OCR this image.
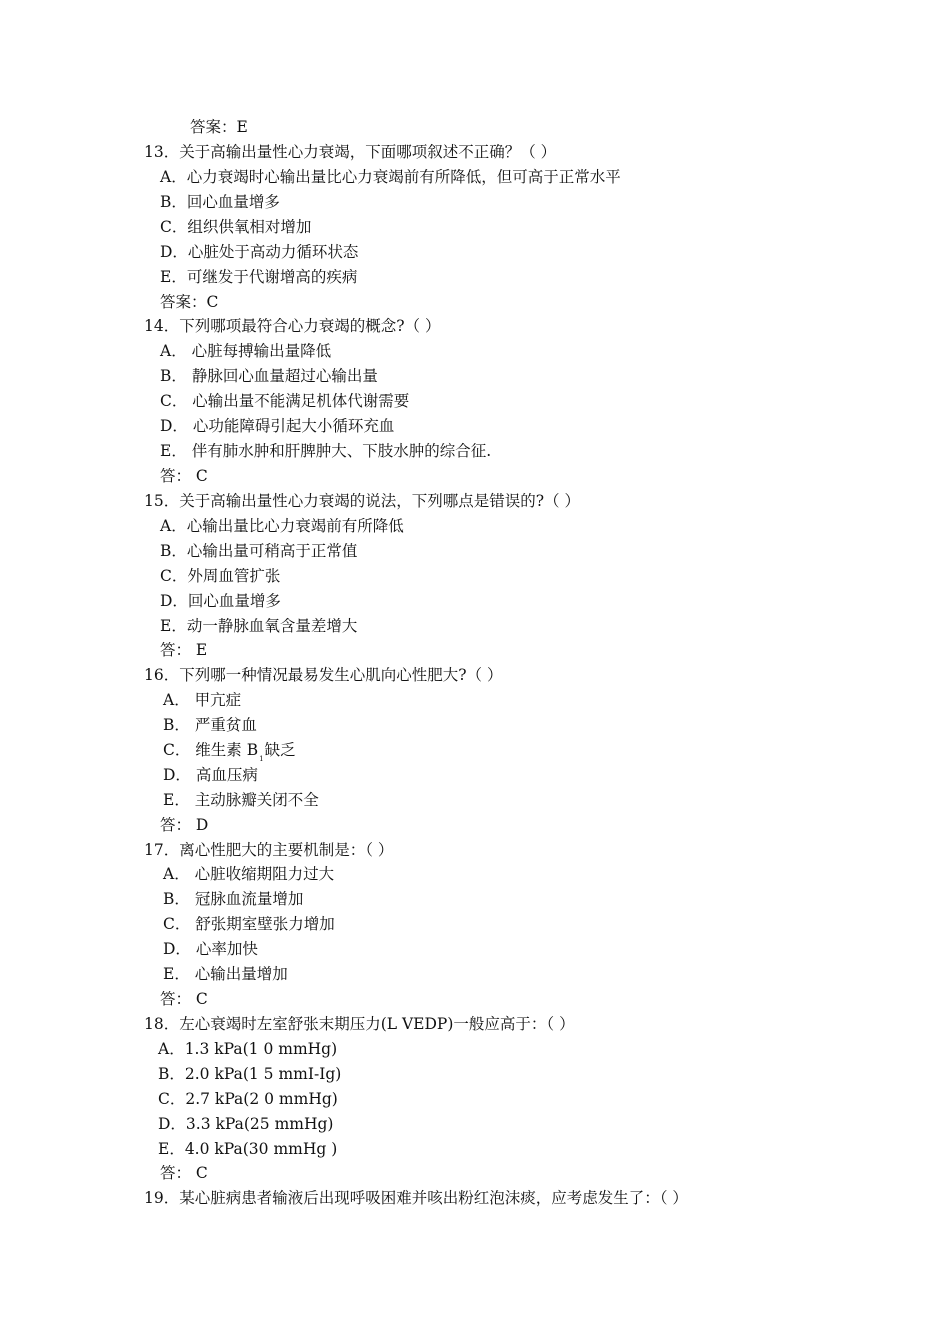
答案：E
13．关于高输出量性心力衰竭，下面哪项叙述不正确？（ ）
A．心力衰竭时心输出量比心力衰竭前有所降低，但可高于正常水平
B．回心血量增多
C．组织供氧相对增加
D．心脏处于高动力循环状态
E．可继发于代谢增高的疾病
答案：C
14．下列哪项最符合心力衰竭的概念?（ ）
A． 心脏每搏输出量降低
B． 静脉回心血量超过心输出量
C． 心输出量不能满足机体代谢需要
D． 心功能障碍引起大小循环充血
E． 伴有肺水肿和肝脾肿大、下肢水肿的综合征.
答： C
15．关于高输出量性心力衰竭的说法，下列哪点是错误的?（ ）
A．心输出量比心力衰竭前有所降低
B．心输出量可稍高于正常值
C．外周血管扩张
D．回心血量增多
E．动一静脉血氧含量差增大
答： E
16．下列哪一种情况最易发生心肌向心性肥大?（ ）
A． 甲亢症
B． 严重贫血
C． 维生素 $B_1$缺乏
D． 高血压病
E． 主动脉瓣关闭不全
答： D
17．离心性肥大的主要机制是：（ ）
A． 心脏收缩期阻力过大
B． 冠脉血流量增加
C． 舒张期室壁张力增加
D． 心率加快
E． 心输出量增加
答： C
18．左心衰竭时左室舒张末期压力(L VEDP)一般应高于：（ ）
A．1.3 kPa(1 0 mmHg)
B．2.0 kPa(1 5 mmI-Ig)
C．2.7 kPa(2 0 mmHg)
D．3.3 kPa(25 mmHg)
E．4.0 kPa(30 mmHg )
答： C
19．某心脏病患者输液后出现呼吸困难并咳出粉红泡沫痰，应考虑发生了：（ ）
